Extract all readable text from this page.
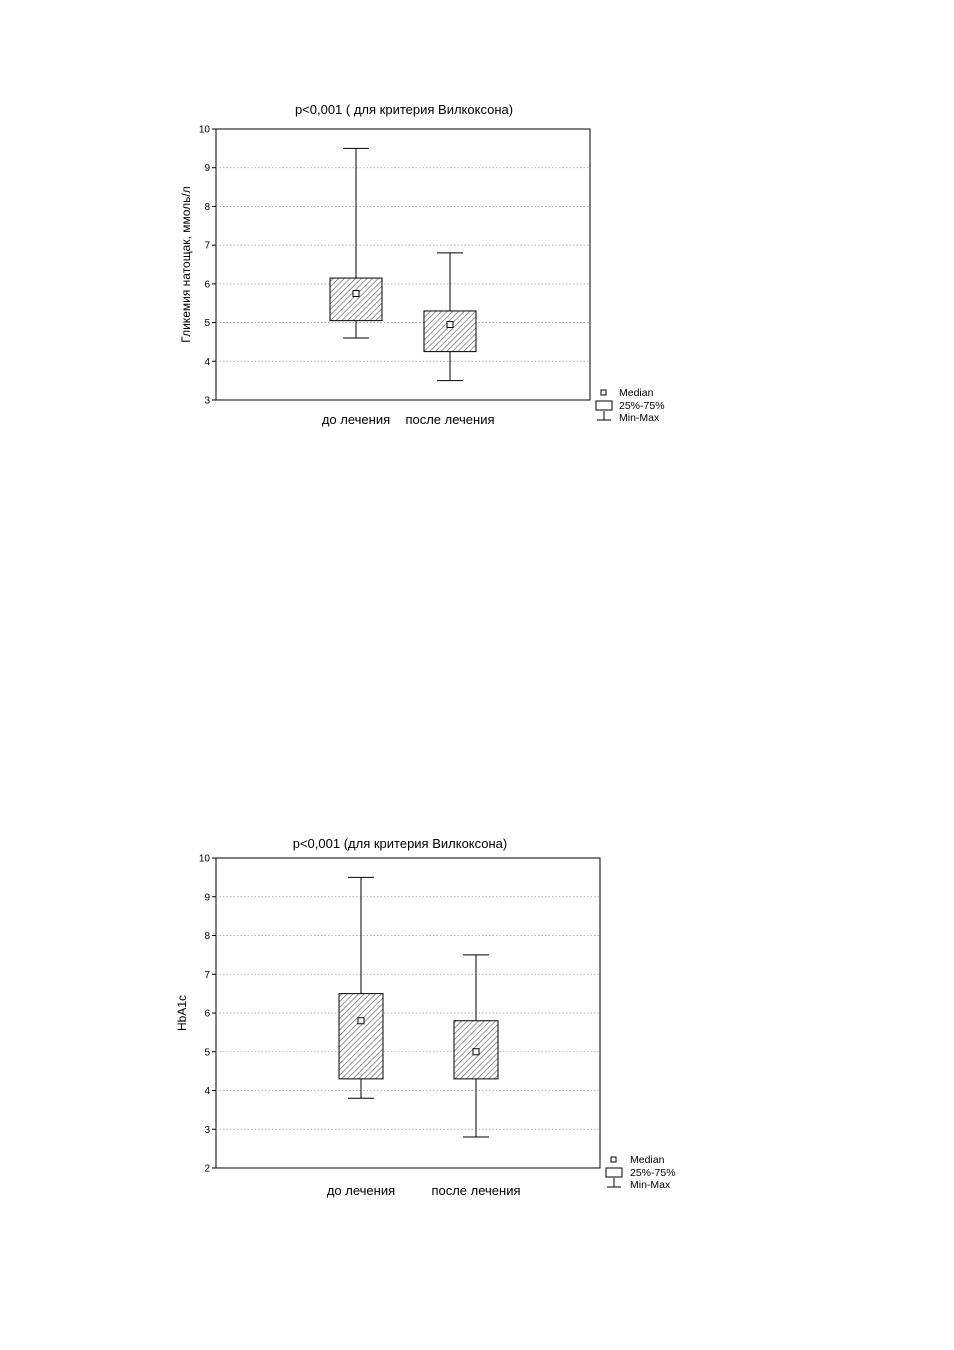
p<0,001 ( для критерия Вилкоксона)
3
4
5
6
7
8
9
10
Гликемия натощак, ммоль/л
до лечения после лечения
Median
25%-75%
Min-Max
p<0,001 (для критерия Вилкоксона)
2
3
4
5
6
7
8
9
10
HbA1c
до лечения	после лечения
Median
25%-75%
Min-Max
